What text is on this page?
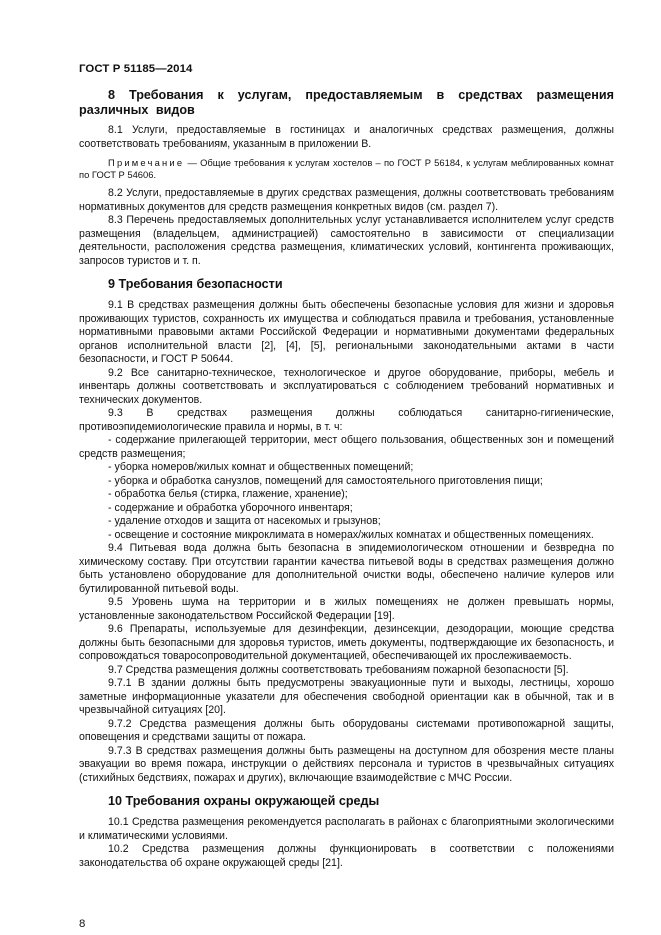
ГОСТ Р 51185—2014
8 Требования к услугам, предоставляемым в средствах размещения различных видов

8.1 Услуги, предоставляемые в гостиницах и аналогичных средствах размещения, должны соответствовать требованиям, указанным в приложении В.

Примечание — Общие требования к услугам хостелов – по ГОСТ Р 56184, к услугам меблированных комнат по ГОСТ Р 54606.

8.2 Услуги, предоставляемые в других средствах размещения, должны соответствовать требованиям нормативных документов для средств размещения конкретных видов (см. раздел 7).

8.3 Перечень предоставляемых дополнительных услуг устанавливается исполнителем услуг средств размещения (владельцем, администрацией) самостоятельно в зависимости от специализации деятельности, расположения средства размещения, климатических условий, контингента проживающих, запросов туристов и т. п.

9 Требования безопасности

9.1 В средствах размещения должны быть обеспечены безопасные условия для жизни и здоровья проживающих туристов, сохранность их имущества и соблюдаться правила и требования, установленные нормативными правовыми актами Российской Федерации и нормативными документами федеральных органов исполнительной власти [2], [4], [5], региональными законодательными актами в части безопасности, и ГОСТ Р 50644.

9.2 Все санитарно-техническое, технологическое и другое оборудование, приборы, мебель и инвентарь должны соответствовать и эксплуатироваться с соблюдением требований нормативных и технических документов.

9.3 В средствах размещения должны соблюдаться санитарно-гигиенические, противоэпидемиологические правила и нормы, в т. ч:

- содержание прилегающей территории, мест общего пользования, общественных зон и помещений средств размещения;

- уборка номеров/жилых комнат и общественных помещений;

- уборка и обработка санузлов, помещений для самостоятельного приготовления пищи;

- обработка белья (стирка, глажение, хранение);

- содержание и обработка уборочного инвентаря;

- удаление отходов и защита от насекомых и грызунов;

- освещение и состояние микроклимата в номерах/жилых комнатах и общественных помещениях.

9.4 Питьевая вода должна быть безопасна в эпидемиологическом отношении и безвредна по химическому составу. При отсутствии гарантии качества питьевой воды в средствах размещения должно быть установлено оборудование для дополнительной очистки воды, обеспечено наличие кулеров или бутилированной питьевой воды.

9.5 Уровень шума на территории и в жилых помещениях не должен превышать нормы, установленные законодательством Российской Федерации [19].

9.6 Препараты, используемые для дезинфекции, дезинсекции, дезодорации, моющие средства должны быть безопасными для здоровья туристов, иметь документы, подтверждающие их безопасность, и сопровождаться товаросопроводительной документацией, обеспечивающей их прослеживаемость.

9.7 Средства размещения должны соответствовать требованиям пожарной безопасности [5].

9.7.1 В здании должны быть предусмотрены эвакуационные пути и выходы, лестницы, хорошо заметные информационные указатели для обеспечения свободной ориентации как в обычной, так и в чрезвычайной ситуациях [20].

9.7.2 Средства размещения должны быть оборудованы системами противопожарной защиты, оповещения и средствами защиты от пожара.

9.7.3 В средствах размещения должны быть размещены на доступном для обозрения месте планы эвакуации во время пожара, инструкции о действиях персонала и туристов в чрезвычайных ситуациях (стихийных бедствиях, пожарах и других), включающие взаимодействие с МЧС России.

10 Требования охраны окружающей среды

10.1 Средства размещения рекомендуется располагать в районах с благоприятными экологическими и климатическими условиями.

10.2 Средства размещения должны функционировать в соответствии с положениями законодательства об охране окружающей среды [21].

8
